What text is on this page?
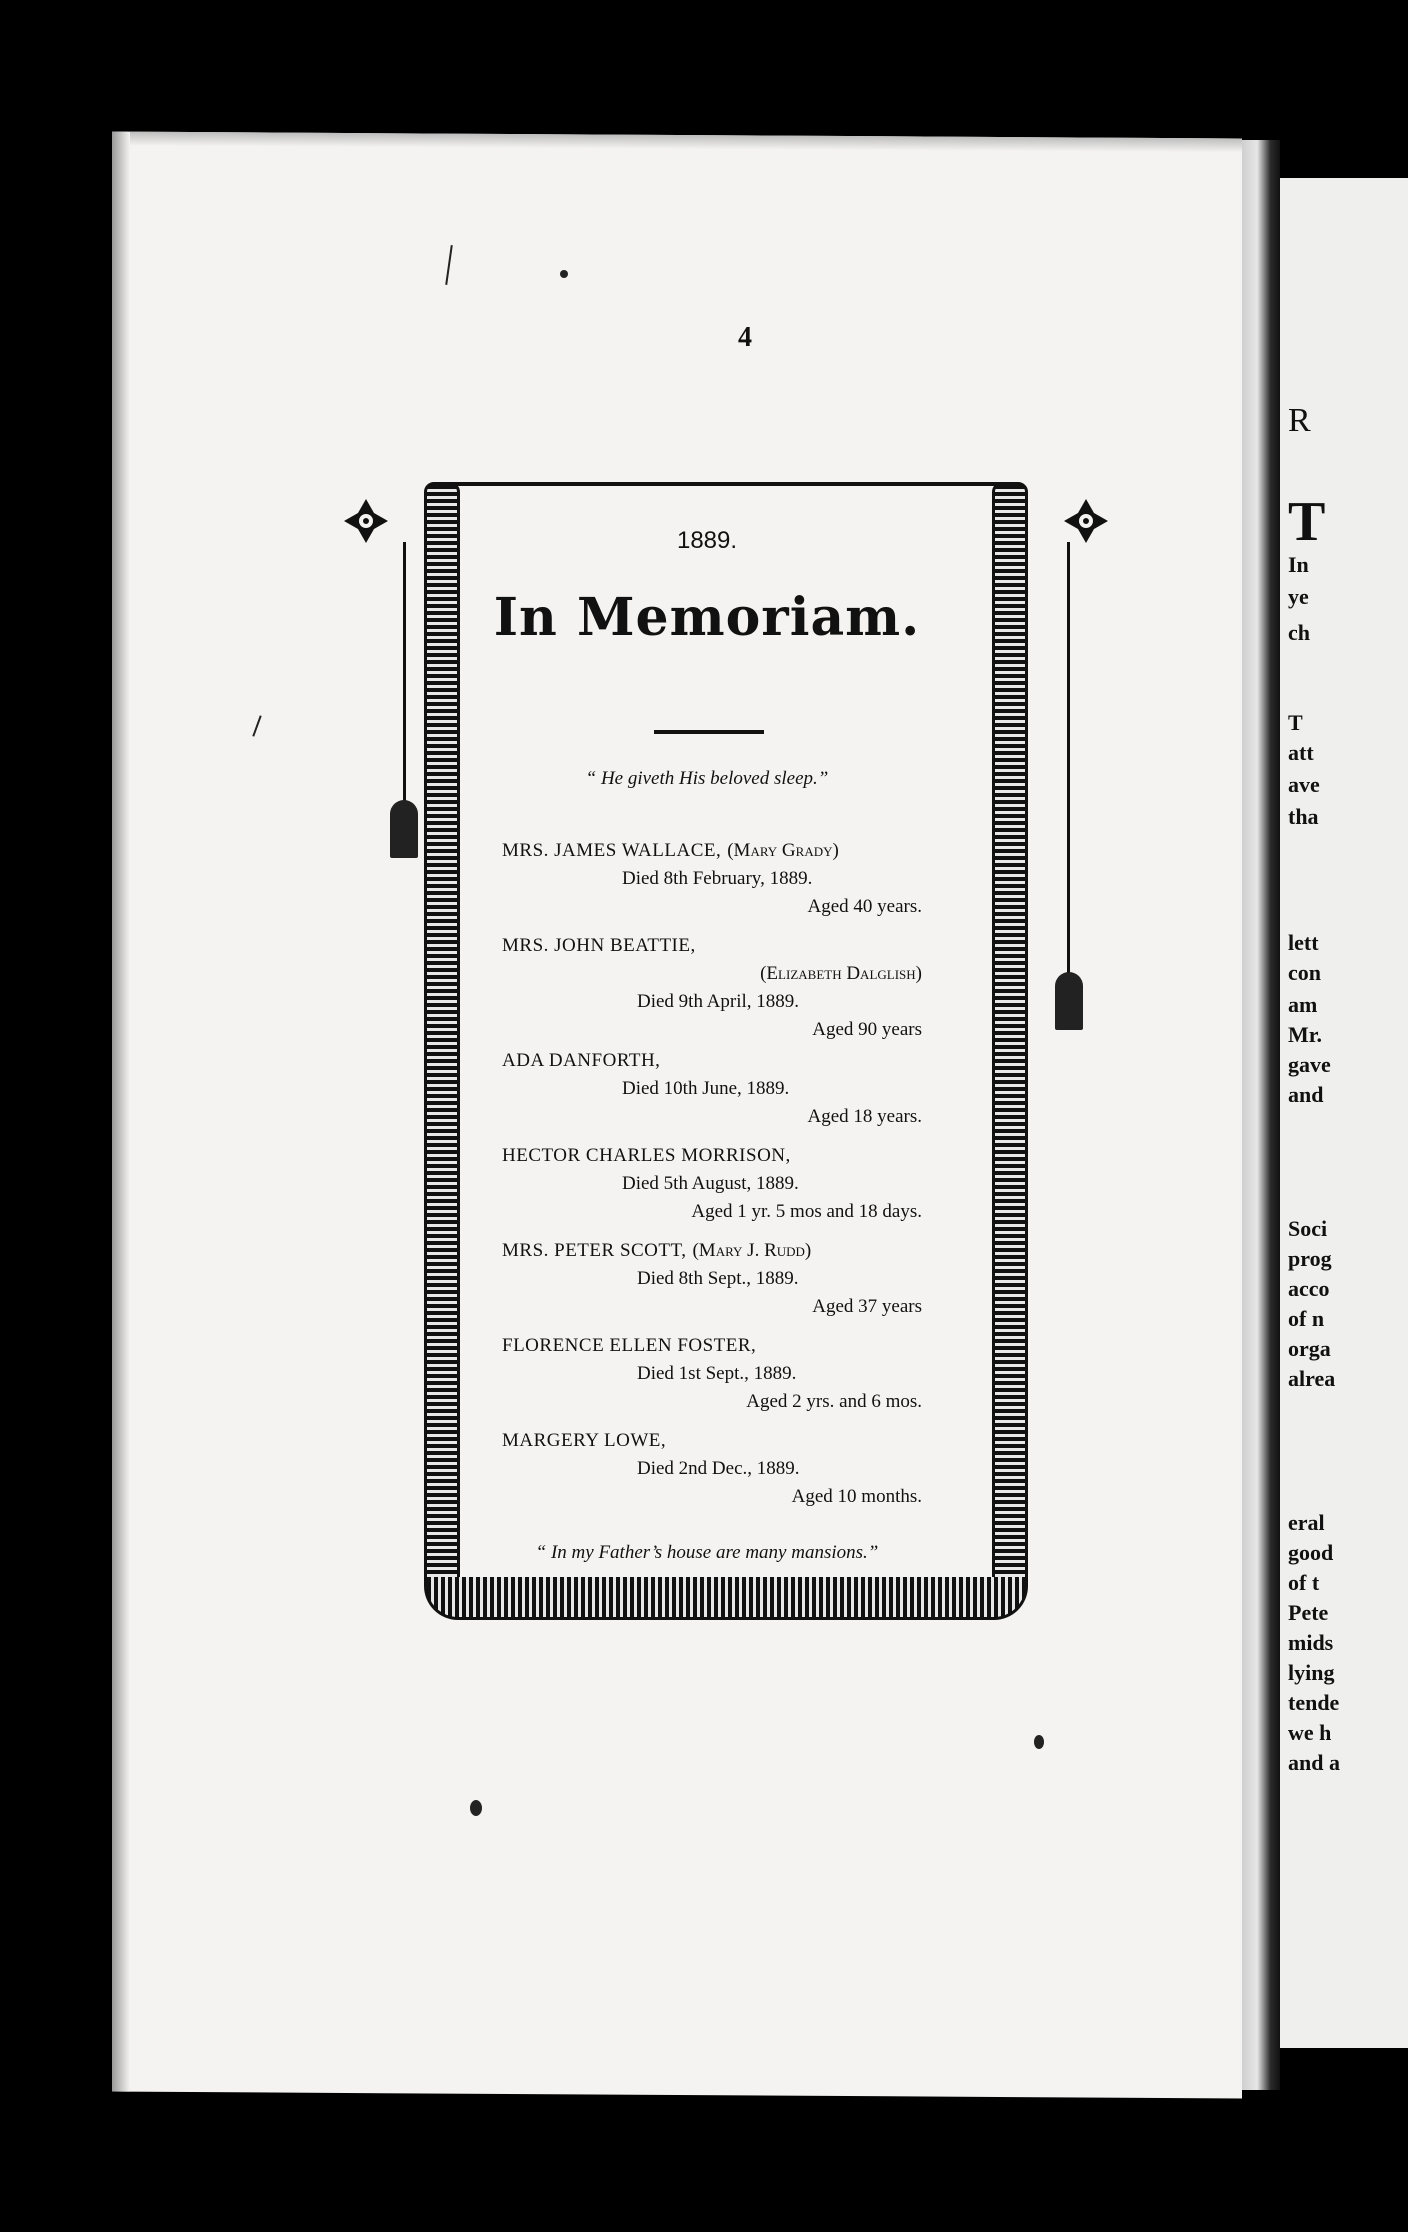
R
T
In
ye
ch
T
att
ave
tha
lett
con
am
Mr.
gave
and
Soci
prog
acco
of n
orga
alrea
eral
good
of t
Pete
mids
lying
tende
we h
and a
4
1889.
In Memoriam.
“ He giveth His beloved sleep.”
MRS. JAMES WALLACE, (Mary Grady)
Died 8th February, 1889.
Aged 40 years.
MRS. JOHN BEATTIE,
(Elizabeth Dalglish)
Died 9th April, 1889.
Aged 90 years
ADA DANFORTH,
Died 10th June, 1889.
Aged 18 years.
HECTOR CHARLES MORRISON,
Died 5th August, 1889.
Aged 1 yr. 5 mos and 18 days.
MRS. PETER SCOTT, (Mary J. Rudd)
Died 8th Sept., 1889.
Aged 37 years
FLORENCE ELLEN FOSTER,
Died 1st Sept., 1889.
Aged 2 yrs. and 6 mos.
MARGERY LOWE,
Died 2nd Dec., 1889.
Aged 10 months.
“ In my Father’s house are many mansions.”
